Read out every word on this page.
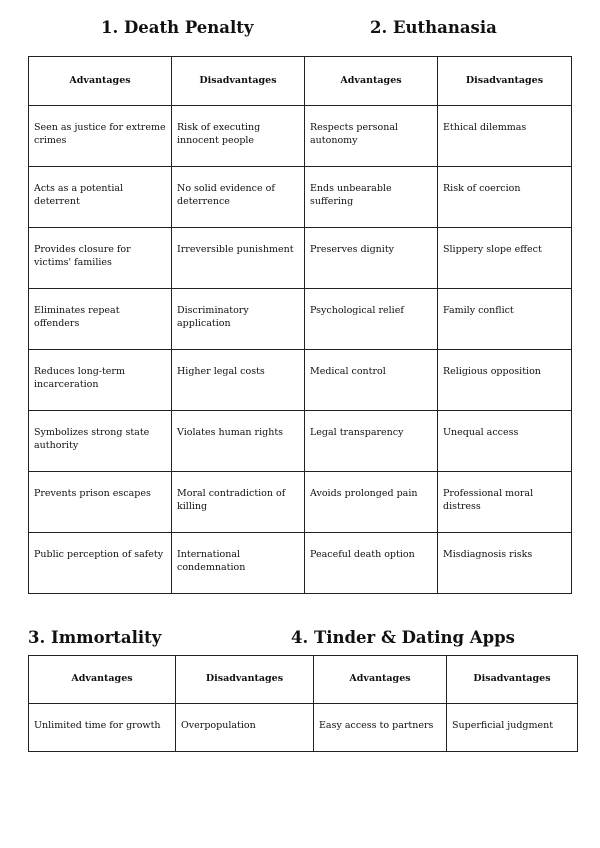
1. Death Penalty	2. Euthanasia
Advantages	Disadvantages	Advantages	Disadvantages
Seen as justice for extreme crimes	Risk of executing innocent people	Respects personal autonomy	Ethical dilemmas
Acts as a potential deterrent	No solid evidence of deterrence	Ends unbearable suffering	Risk of coercion
Provides closure for victims' families	Irreversible punishment	Preserves dignity	Slippery slope effect
Eliminates repeat offenders	Discriminatory application	Psychological relief	Family conflict
Reduces long-term incarceration	Higher legal costs	Medical control	Religious opposition
Symbolizes strong state authority	Violates human rights	Legal transparency	Unequal access
Prevents prison escapes	Moral contradiction of killing	Avoids prolonged pain	Professional moral distress
Public perception of safety	International condemnation	Peaceful death option	Misdiagnosis risks
3. Immortality	4. Tinder & Dating Apps
Advantages	Disadvantages	Advantages	Disadvantages
Unlimited time for growth	Overpopulation	Easy access to partners	Superficial judgment
